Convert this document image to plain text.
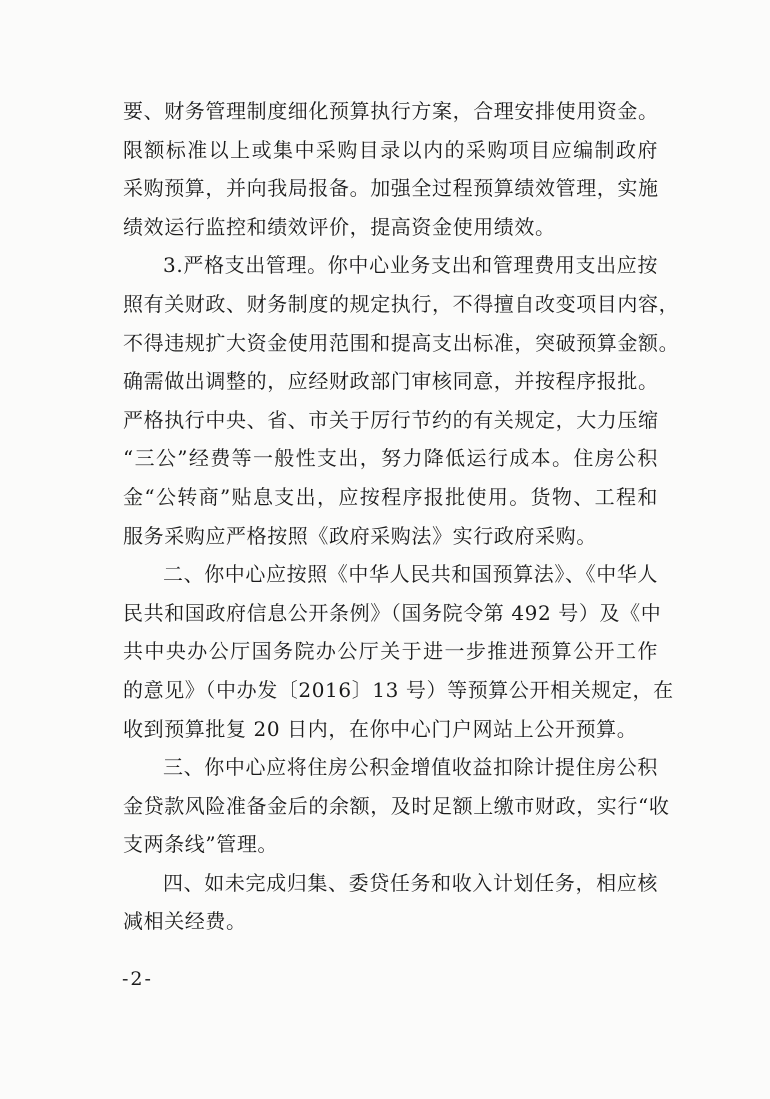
要、财务管理制度细化预算执行方案，合理安排使用资金。
限额标准以上或集中采购目录以内的采购项目应编制政府
采购预算，并向我局报备。加强全过程预算绩效管理，实施
绩效运行监控和绩效评价，提高资金使用绩效。
3.严格支出管理。你中心业务支出和管理费用支出应按
照有关财政、财务制度的规定执行，不得擅自改变项目内容，
不得违规扩大资金使用范围和提高支出标准，突破预算金额。
确需做出调整的，应经财政部门审核同意，并按程序报批。
严格执行中央、省、市关于厉行节约的有关规定，大力压缩
“三公”经费等一般性支出，努力降低运行成本。住房公积
金“公转商”贴息支出，应按程序报批使用。货物、工程和
服务采购应严格按照《政府采购法》实行政府采购。
二、你中心应按照《中华人民共和国预算法》、《中华人
民共和国政府信息公开条例》（国务院令第 492 号）及《中
共中央办公厅国务院办公厅关于进一步推进预算公开工作
的意见》（中办发〔2016〕13 号）等预算公开相关规定，在
收到预算批复 20 日内，在你中心门户网站上公开预算。
三、你中心应将住房公积金增值收益扣除计提住房公积
金贷款风险准备金后的余额，及时足额上缴市财政，实行“收
支两条线”管理。
四、如未完成归集、委贷任务和收入计划任务，相应核
减相关经费。
-2-
